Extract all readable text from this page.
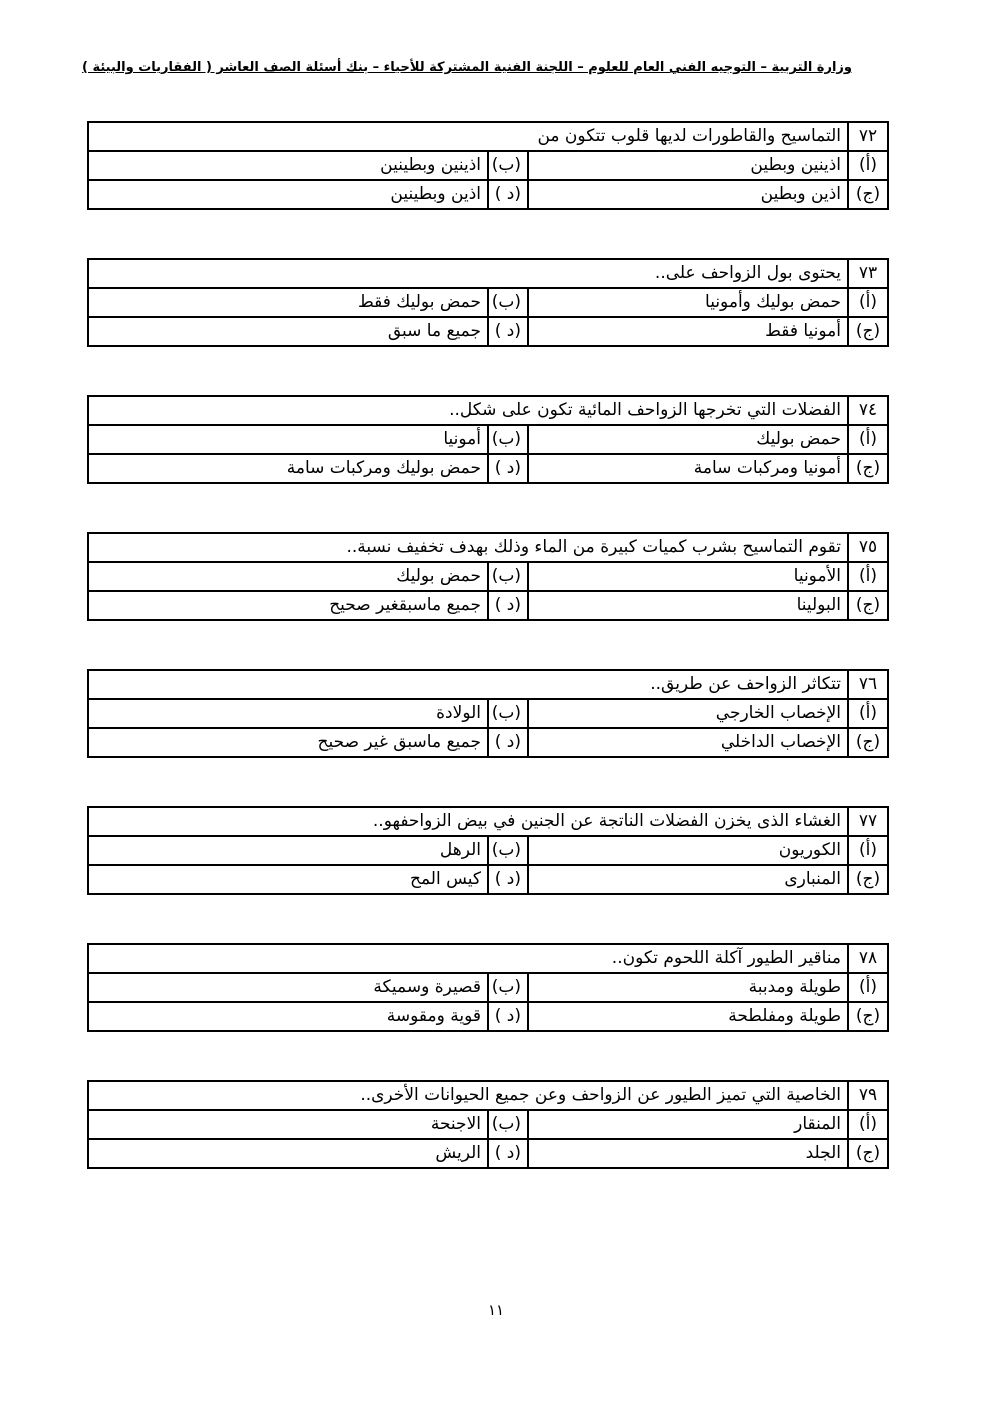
وزارة التربية – التوجيه الفني العام للعلوم – اللجنة الفنية المشتركة للأحياء – بنك أسئلة الصف العاشر ( الفقاريات والبيئة )
٧٢	التماسيح والقاطورات لديها قلوب تتكون من		
(أ)	اذينين وبطين	(ب)	اذينين وبطينين
(ج)	اذين وبطين	(د )	اذين وبطينين
٧٣	يحتوى بول الزواحف على..		
(أ)	حمض بوليك وأمونيا	(ب)	حمض بوليك فقط
(ج)	أمونيا فقط	(د )	جميع ما سبق
٧٤	الفضلات التي تخرجها الزواحف المائية تكون على شكل..		
(أ)	حمض بوليك	(ب)	أمونيا
(ج)	أمونيا ومركبات سامة	(د )	حمض بوليك ومركبات سامة
٧٥	تقوم التماسيح بشرب كميات كبيرة من الماء وذلك بهدف تخفيف نسبة..		
(أ)	الأمونيا	(ب)	حمض بوليك
(ج)	البولينا	(د )	جميع ماسبقغير صحيح
٧٦	تتكاثر الزواحف عن طريق..		
(أ)	الإخصاب الخارجي	(ب)	الولادة
(ج)	الإخصاب الداخلي	(د )	جميع ماسبق غير صحيح
٧٧	الغشاء الذى يخزن الفضلات الناتجة عن الجنين في بيض الزواحفهو..		
(أ)	الكوريون	(ب)	الرهل
(ج)	المنبارى	(د )	كيس المح
٧٨	مناقير الطيور آكلة اللحوم تكون..		
(أ)	طويلة ومدببة	(ب)	قصيرة وسميكة
(ج)	طويلة ومفلطحة	(د )	قوية ومقوسة
٧٩	الخاصية التي تميز الطيور عن الزواحف وعن جميع الحيوانات الأخرى..		
(أ)	المنقار	(ب)	الاجنحة
(ج)	الجلد	(د )	الريش
١١
